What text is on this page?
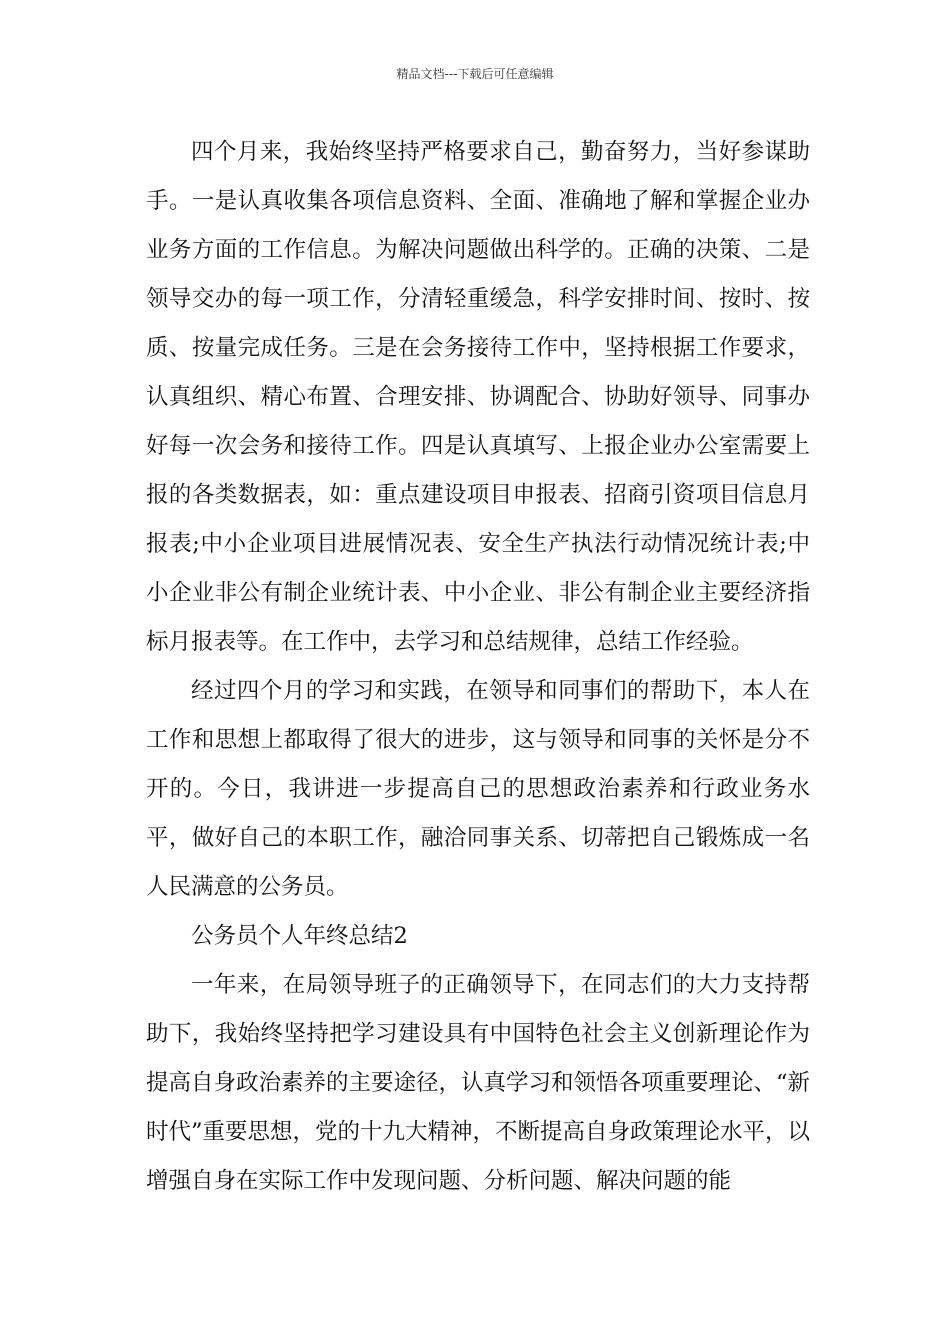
精品文档---下载后可任意编辑

四个月来，我始终坚持严格要求自己，勤奋努力，当好参谋助手。一是认真收集各项信息资料、全面、准确地了解和掌握企业办业务方面的工作信息。为解决问题做出科学的。正确的决策、二是领导交办的每一项工作，分清轻重缓急，科学安排时间、按时、按质、按量完成任务。三是在会务接待工作中，坚持根据工作要求，认真组织、精心布置、合理安排、协调配合、协助好领导、同事办好每一次会务和接待工作。四是认真填写、上报企业办公室需要上报的各类数据表，如：重点建设项目申报表、招商引资项目信息月报表;中小企业项目进展情况表、安全生产执法行动情况统计表;中小企业非公有制企业统计表、中小企业、非公有制企业主要经济指标月报表等。在工作中，去学习和总结规律，总结工作经验。

经过四个月的学习和实践，在领导和同事们的帮助下，本人在工作和思想上都取得了很大的进步，这与领导和同事的关怀是分不开的。今日，我讲进一步提高自己的思想政治素养和行政业务水平，做好自己的本职工作，融洽同事关系、切蒂把自己锻炼成一名人民满意的公务员。

公务员个人年终总结2

一年来，在局领导班子的正确领导下，在同志们的大力支持帮助下，我始终坚持把学习建设具有中国特色社会主义创新理论作为提高自身政治素养的主要途径，认真学习和领悟各项重要理论、“新时代”重要思想，党的十九大精神，不断提高自身政策理论水平，以增强自身在实际工作中发现问题、分析问题、解决问题的能
